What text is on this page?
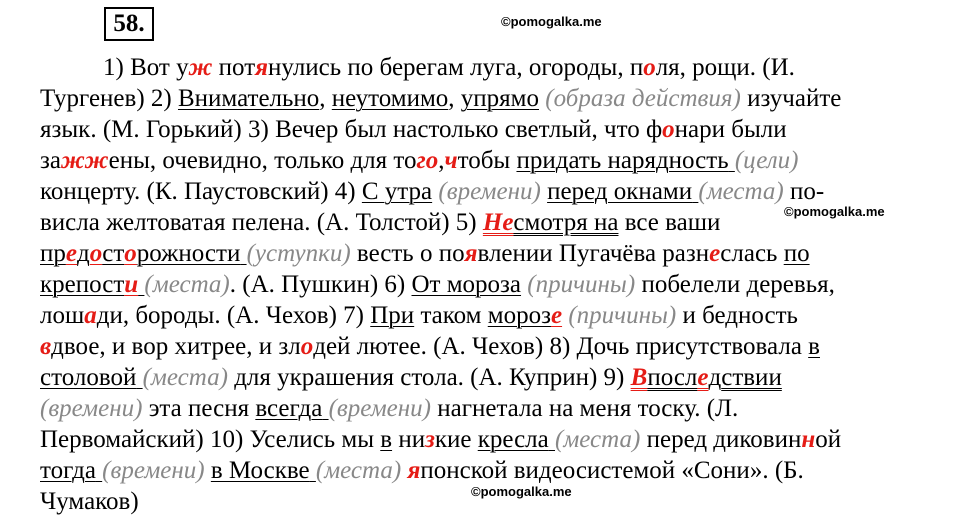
58.	©pomogalka.me
©pomogalka.me
©pomogalka.me
1) Вот уж потянулись по берегам луга, огороды, поля, рощи. (И.
Тургенев) 2) Внимательно, неутомимо, упрямо (образа действия) изучайте
язык. (М. Горький) 3) Вечер был настолько светлый, что фонари были
зажжены, очевидно, только для того,чтобы придать нарядность (цели)
концерту. (К. Паустовский) 4) С утра (времени) перед окнами (места) по-
висла желтоватая пелена. (А. Толстой) 5) Несмотря на все ваши
предосторожности (уступки) весть о появлении Пугачёва разнеслась по
крепости (места). (А. Пушкин) 6) От мороза (причины) побелели деревья,
лошади, бороды. (А. Чехов) 7) При таком морозе (причины) и бедность
вдвое, и вор хитрее, и злодей лютее. (А. Чехов) 8) Дочь присутствовала в
столовой (места) для украшения стола. (А. Куприн) 9) Впоследствии
(времени) эта песня всегда (времени) нагнетала на меня тоску. (Л.
Первомайский) 10) Уселись мы в низкие кресла (места) перед диковинной
тогда (времени) в Москве (места) японской видеосистемой «Сони». (Б.
Чумаков)
